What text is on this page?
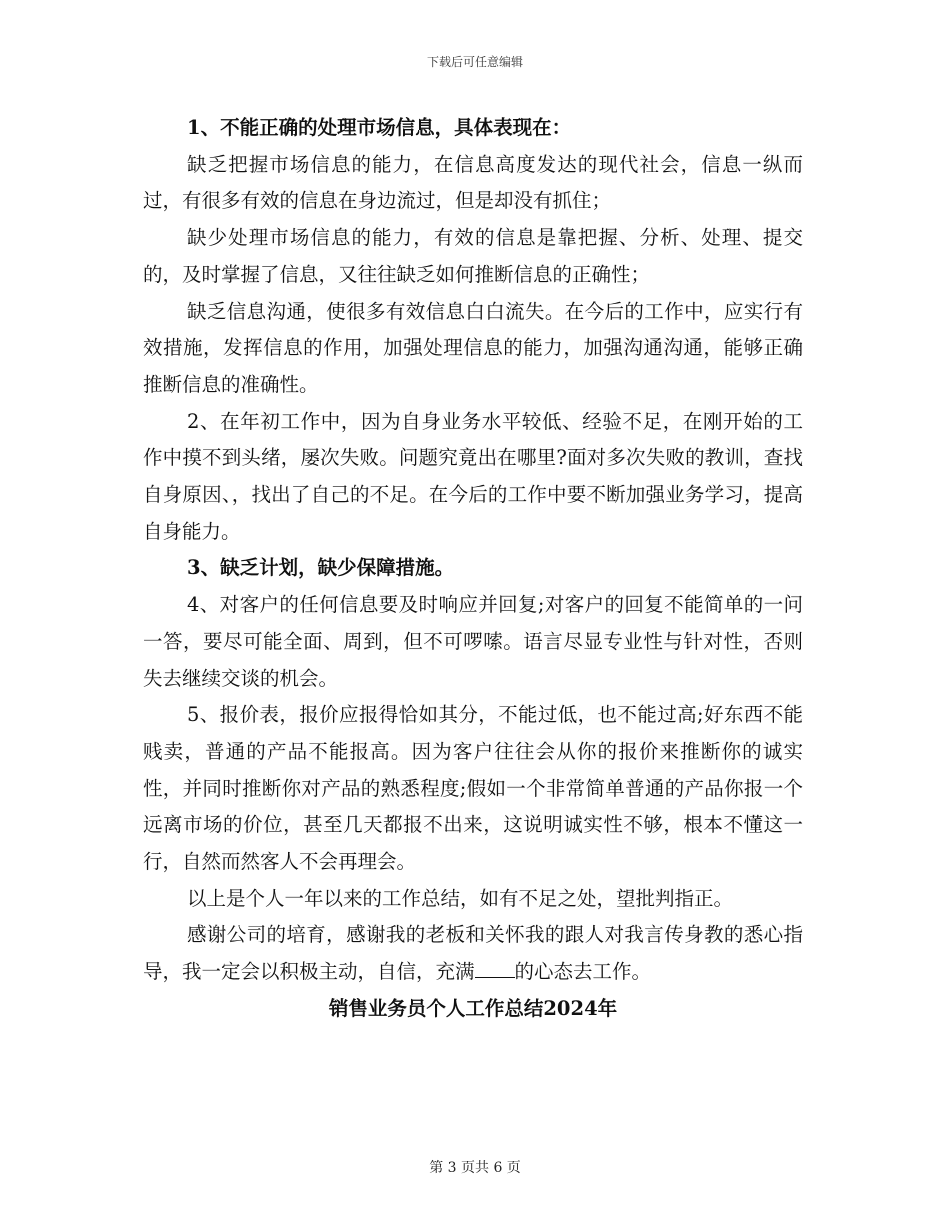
下载后可任意编辑

1、不能正确的处理市场信息，具体表现在：

缺乏把握市场信息的能力，在信息高度发达的现代社会，信息一纵而过，有很多有效的信息在身边流过，但是却没有抓住；

缺少处理市场信息的能力，有效的信息是靠把握、分析、处理、提交的，及时掌握了信息，又往往缺乏如何推断信息的正确性；

缺乏信息沟通，使很多有效信息白白流失。在今后的工作中，应实行有效措施，发挥信息的作用，加强处理信息的能力，加强沟通沟通，能够正确推断信息的准确性。

2、在年初工作中，因为自身业务水平较低、经验不足，在刚开始的工作中摸不到头绪，屡次失败。问题究竟出在哪里?面对多次失败的教训，查找自身原因、，找出了自己的不足。在今后的工作中要不断加强业务学习，提高自身能力。

3、缺乏计划，缺少保障措施。

4、对客户的任何信息要及时响应并回复;对客户的回复不能简单的一问一答，要尽可能全面、周到，但不可啰嗦。语言尽显专业性与针对性，否则失去继续交谈的机会。

5、报价表，报价应报得恰如其分，不能过低，也不能过高;好东西不能贱卖，普通的产品不能报高。因为客户往往会从你的报价来推断你的诚实性，并同时推断你对产品的熟悉程度;假如一个非常简单普通的产品你报一个远离市场的价位，甚至几天都报不出来，这说明诚实性不够，根本不懂这一行，自然而然客人不会再理会。

以上是个人一年以来的工作总结，如有不足之处，望批判指正。

感谢公司的培育，感谢我的老板和关怀我的跟人对我言传身教的悉心指导，我一定会以积极主动，自信，充满 的心态去工作。

销售业务员个人工作总结2024年

第 3 页共 6 页
